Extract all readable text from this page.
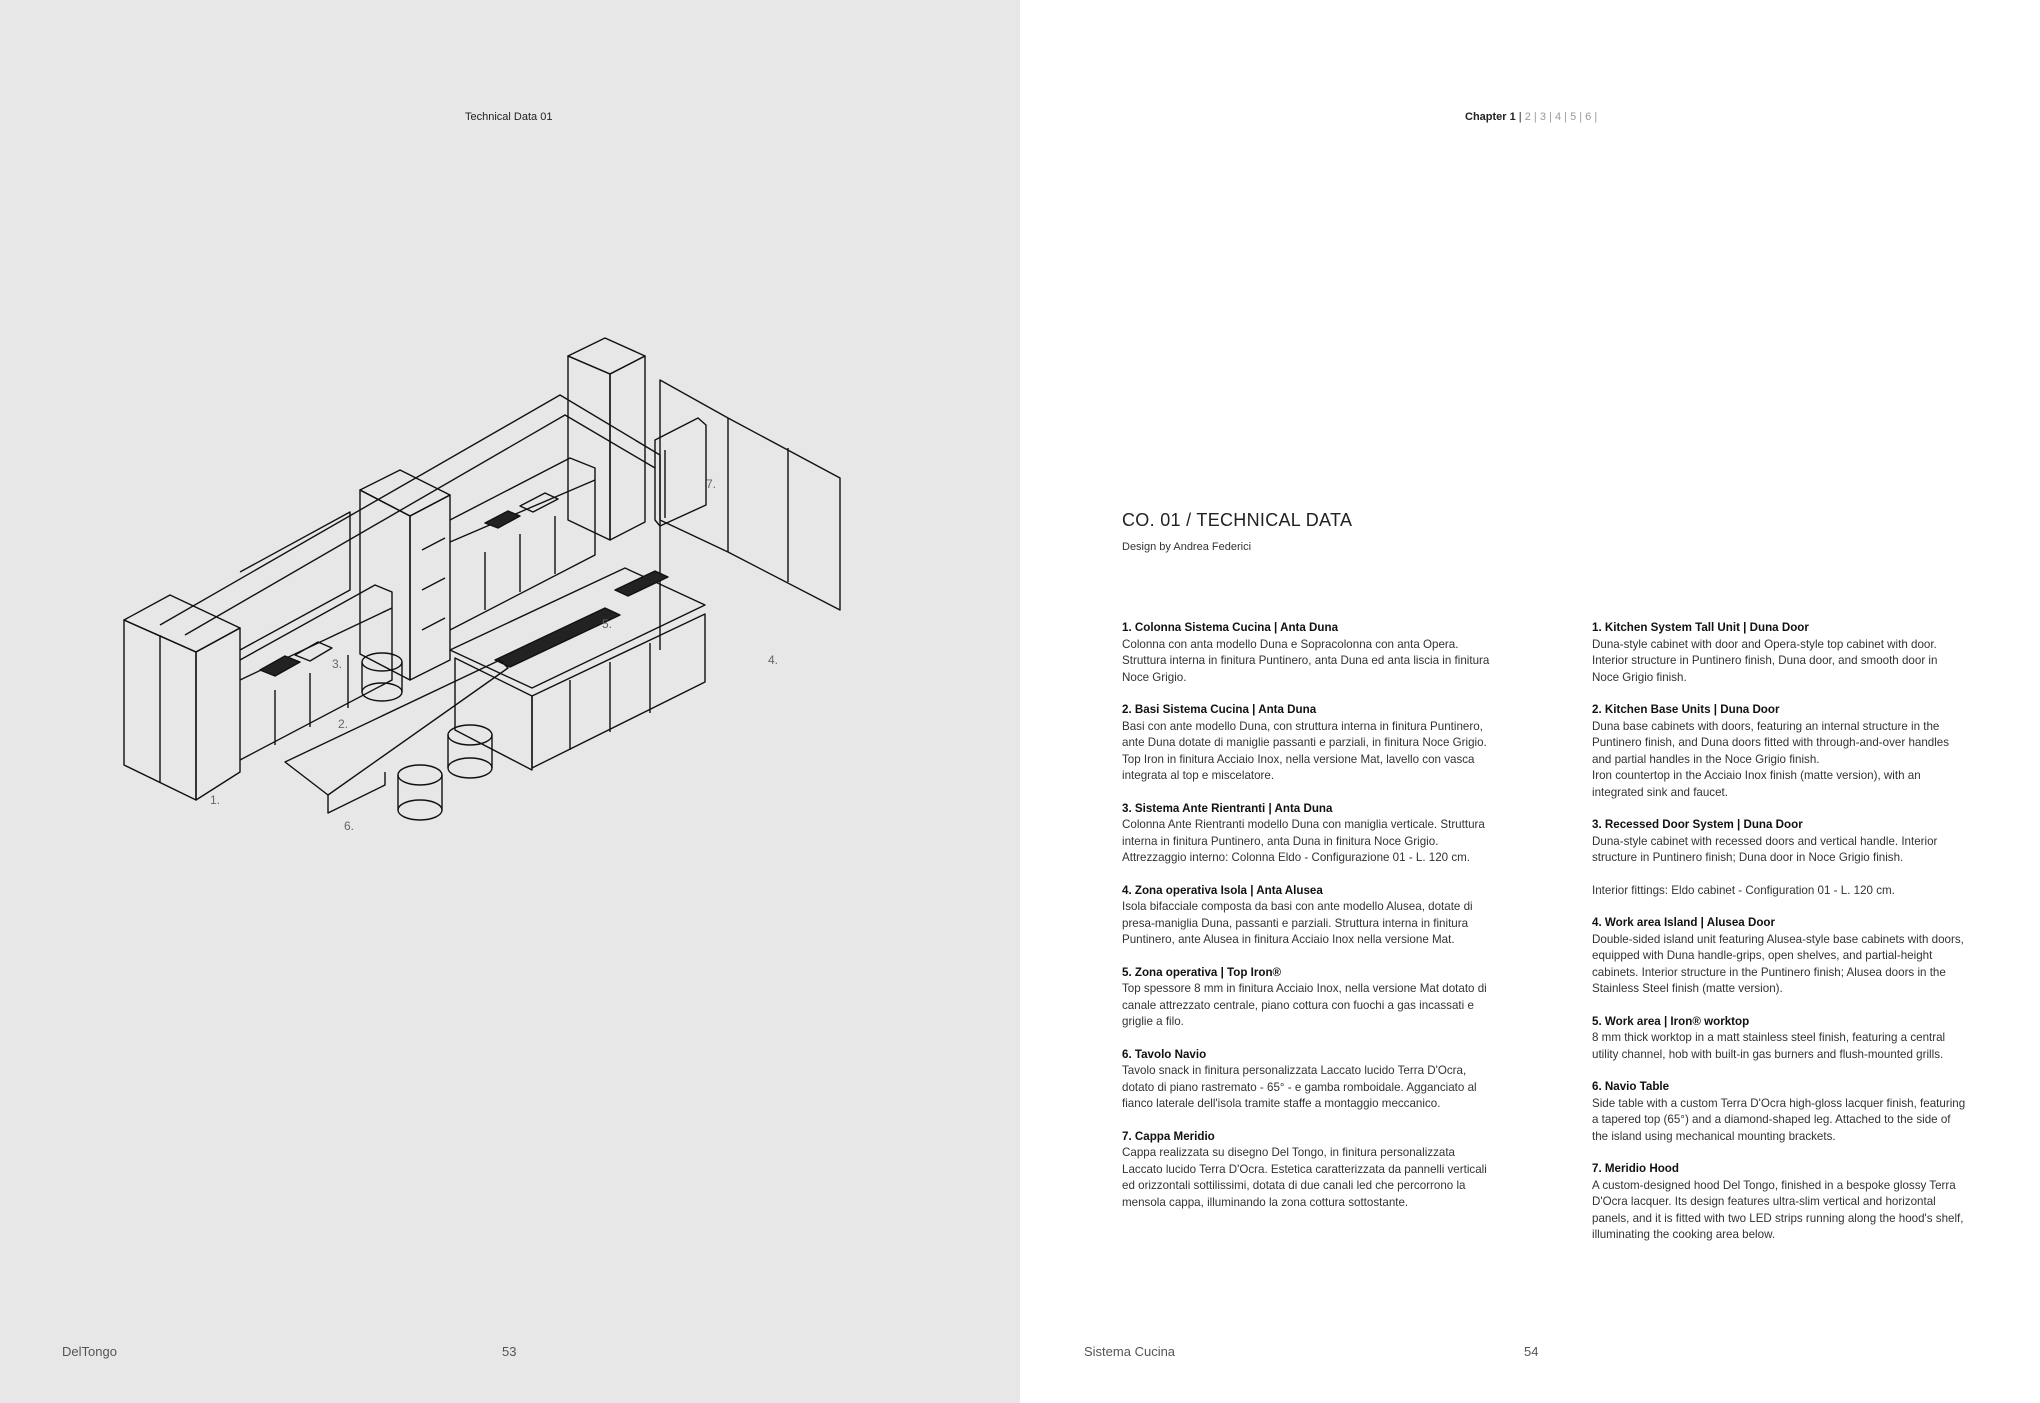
Technical Data 01
1.
2.
3.	4.
5.
6.
7.
DelTongo	53
Chapter 1 | 2 | 3 | 4 | 5 | 6 |
CO. 01 / TECHNICAL DATA
Design by Andrea Federici
1. Colonna Sistema Cucina | Anta Duna

Colonna con anta modello Duna e Sopracolonna con anta Opera. Struttura interna in finitura Puntinero, anta Duna ed anta liscia in finitura Noce Grigio.

2. Basi Sistema Cucina | Anta Duna

Basi con ante modello Duna, con struttura interna in finitura Puntinero, ante Duna dotate di maniglie passanti e parziali, in finitura Noce Grigio.

Top Iron in finitura Acciaio Inox, nella versione Mat, lavello con vasca integrata al top e miscelatore.

3. Sistema Ante Rientranti | Anta Duna

Colonna Ante Rientranti modello Duna con maniglia verticale. Struttura interna in finitura Puntinero, anta Duna in finitura Noce Grigio.

Attrezzaggio interno: Colonna Eldo - Configurazione 01 - L. 120 cm.

4. Zona operativa Isola | Anta Alusea

Isola bifacciale composta da basi con ante modello Alusea, dotate di presa-maniglia Duna, passanti e parziali. Struttura interna in finitura Puntinero, ante Alusea in finitura Acciaio Inox nella versione Mat.

5. Zona operativa | Top Iron®

Top spessore 8 mm in finitura Acciaio Inox, nella versione Mat dotato di canale attrezzato centrale, piano cottura con fuochi a gas incassati e griglie a filo.

6. Tavolo Navio

Tavolo snack in finitura personalizzata Laccato lucido Terra D'Ocra, dotato di piano rastremato - 65° - e gamba romboidale. Agganciato al fianco laterale dell'isola tramite staffe a montaggio meccanico.

7. Cappa Meridio

Cappa realizzata su disegno Del Tongo, in finitura personalizzata Laccato lucido Terra D'Ocra. Estetica caratterizzata da pannelli verticali ed orizzontali sottilissimi, dotata di due canali led che percorrono la mensola cappa, illuminando la zona cottura sottostante.

1. Kitchen System Tall Unit | Duna Door

Duna-style cabinet with door and Opera-style top cabinet with door. Interior structure in Puntinero finish, Duna door, and smooth door in Noce Grigio finish.

2. Kitchen Base Units | Duna Door

Duna base cabinets with doors, featuring an internal structure in the Puntinero finish, and Duna doors fitted with through-and-over handles and partial handles in the Noce Grigio finish.

Iron countertop in the Acciaio Inox finish (matte version), with an integrated sink and faucet.

3. Recessed Door System | Duna Door

Duna-style cabinet with recessed doors and vertical handle. Interior structure in Puntinero finish; Duna door in Noce Grigio finish.

Interior fittings: Eldo cabinet - Configuration 01 - L. 120 cm.

4. Work area Island | Alusea Door

Double-sided island unit featuring Alusea-style base cabinets with doors, equipped with Duna handle-grips, open shelves, and partial-height cabinets. Interior structure in the Puntinero finish; Alusea doors in the Stainless Steel finish (matte version).

5. Work area | Iron® worktop

8 mm thick worktop in a matt stainless steel finish, featuring a central utility channel, hob with built-in gas burners and flush-mounted grills.

6. Navio Table

Side table with a custom Terra D'Ocra high-gloss lacquer finish, featuring a tapered top (65°) and a diamond-shaped leg. Attached to the side of the island using mechanical mounting brackets.

7. Meridio Hood

A custom-designed hood Del Tongo, finished in a bespoke glossy Terra D'Ocra lacquer. Its design features ultra-slim vertical and horizontal panels, and it is fitted with two LED strips running along the hood's shelf, illuminating the cooking area below.

Sistema Cucina	54
